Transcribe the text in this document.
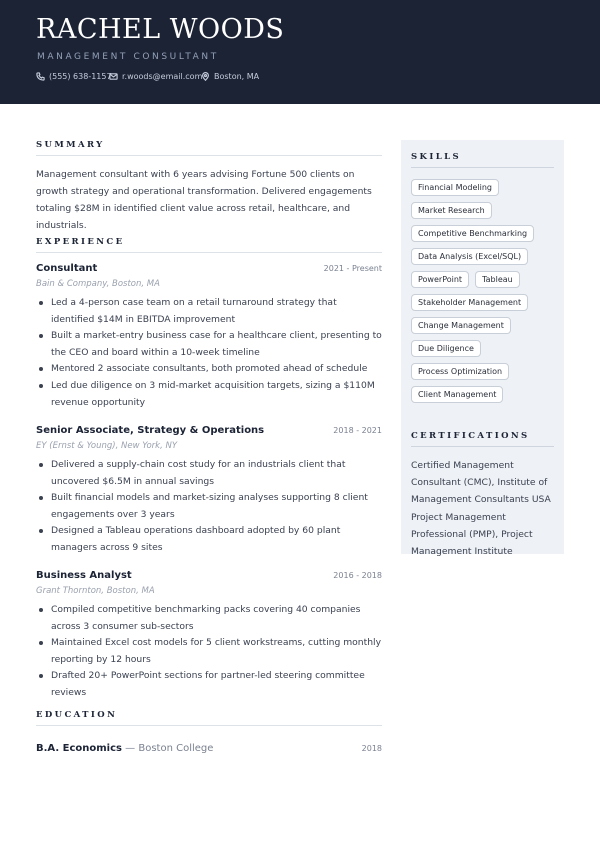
RACHEL WOODS
MANAGEMENT CONSULTANT
(555) 638-1157 r.woods@email.com Boston, MA
SUMMARY
Management consultant with 6 years advising Fortune 500 clients on growth strategy and operational transformation. Delivered engagements totaling $28M in identified client value across retail, healthcare, and industrials.
EXPERIENCE
Consultant	2021 - Present
Bain & Company, Boston, MA
Led a 4-person case team on a retail turnaround strategy that identified $14M in EBITDA improvement
Built a market-entry business case for a healthcare client, presenting to the CEO and board within a 10-week timeline
Mentored 2 associate consultants, both promoted ahead of schedule
Led due diligence on 3 mid-market acquisition targets, sizing a $110M revenue opportunity
Senior Associate, Strategy & Operations	2018 - 2021
EY (Ernst & Young), New York, NY
Delivered a supply-chain cost study for an industrials client that uncovered $6.5M in annual savings
Built financial models and market-sizing analyses supporting 8 client engagements over 3 years
Designed a Tableau operations dashboard adopted by 60 plant managers across 9 sites
Business Analyst	2016 - 2018
Grant Thornton, Boston, MA
Compiled competitive benchmarking packs covering 40 companies across 3 consumer sub-sectors
Maintained Excel cost models for 5 client workstreams, cutting monthly reporting by 12 hours
Drafted 20+ PowerPoint sections for partner-led steering committee reviews
EDUCATION
B.A. Economics — Boston College	2018
SKILLS
Financial Modeling
Market Research
Competitive Benchmarking
Data Analysis (Excel/SQL)
PowerPoint	Tableau
Stakeholder Management
Change Management
Due Diligence
Process Optimization
Client Management
CERTIFICATIONS
Certified Management Consultant (CMC), Institute of Management Consultants USA Project Management Professional (PMP), Project Management Institute
